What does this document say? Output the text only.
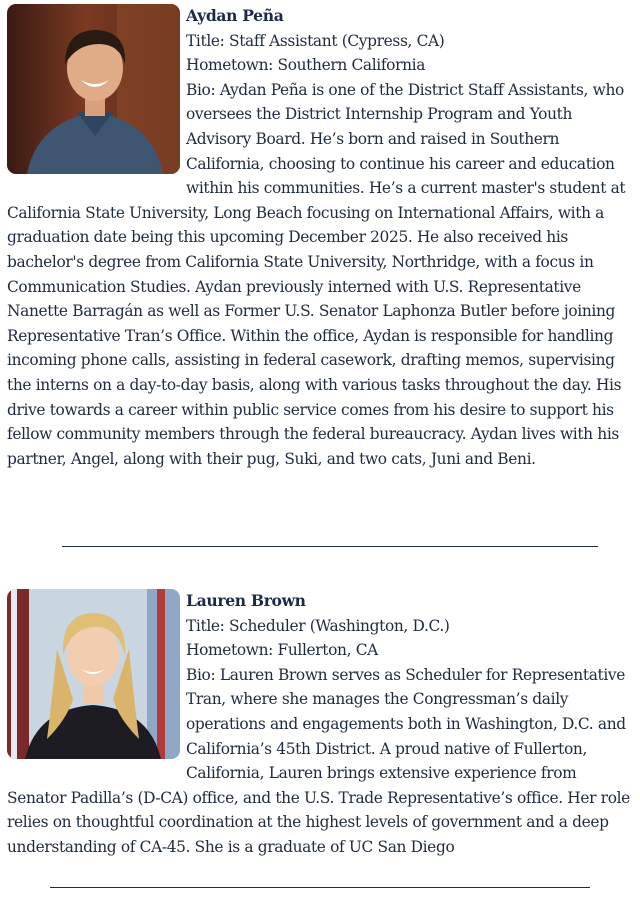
Aydan Peña
Title: Staff Assistant (Cypress, CA)
Hometown: Southern California
Bio: Aydan Peña is one of the District Staff Assistants, who oversees the District Internship Program and Youth Advisory Board. He’s born and raised in Southern California, choosing to continue his career and education within his communities. He’s a current master's student at California State University, Long Beach focusing on International Affairs, with a graduation date being this upcoming December 2025. He also received his bachelor's degree from California State University, Northridge, with a focus in Communication Studies. Aydan previously interned with U.S. Representative Nanette Barragán as well as Former U.S. Senator Laphonza Butler before joining Representative Tran’s Office. Within the office, Aydan is responsible for handling incoming phone calls, assisting in federal casework, drafting memos, supervising the interns on a day-to-day basis, along with various tasks throughout the day. His drive towards a career within public service comes from his desire to support his fellow community members through the federal bureaucracy. Aydan lives with his partner, Angel, along with their pug, Suki, and two cats, Juni and Beni.
Lauren Brown
Title: Scheduler (Washington, D.C.)
Hometown: Fullerton, CA
Bio: Lauren Brown serves as Scheduler for Representative Tran, where she manages the Congressman’s daily operations and engagements both in Washington, D.C. and California’s 45th District. A proud native of Fullerton, California, Lauren brings extensive experience from Senator Padilla’s (D-CA) office, and the U.S. Trade Representative’s office. Her role relies on thoughtful coordination at the highest levels of government and a deep understanding of CA-45. She is a graduate of UC San Diego
